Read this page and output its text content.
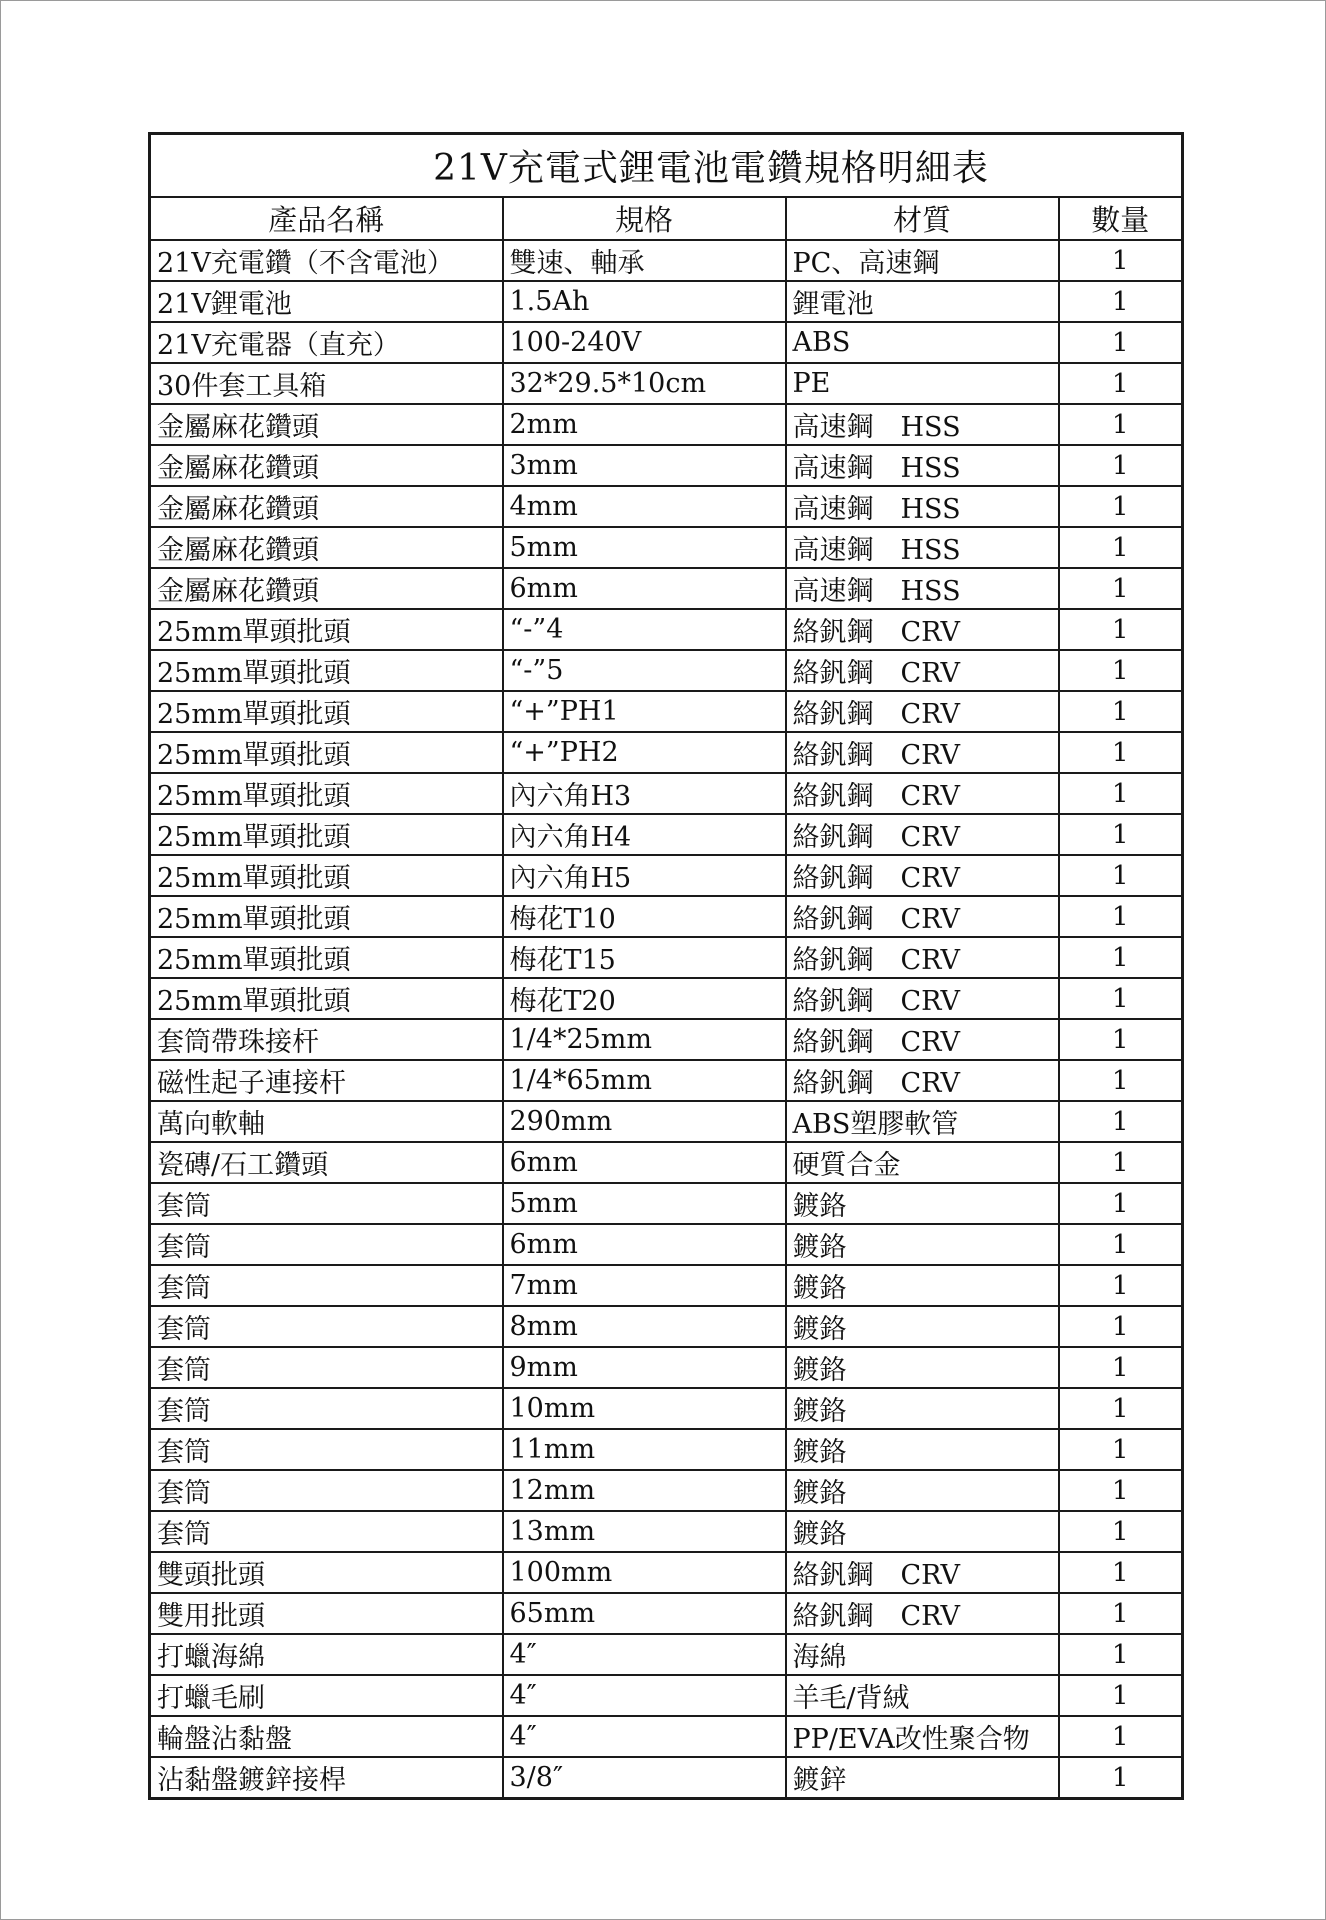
21V充電式鋰電池電鑽規格明細表			
產品名稱	規格	材質	數量
21V充電鑽（不含電池）	雙速、軸承	PC、高速鋼	1
21V鋰電池	1.5Ah	鋰電池	1
21V充電器（直充）	100-240V	ABS	1
30件套工具箱	32*29.5*10cm	PE	1
金屬麻花鑽頭	2mm	高速鋼　HSS	1
金屬麻花鑽頭	3mm	高速鋼　HSS	1
金屬麻花鑽頭	4mm	高速鋼　HSS	1
金屬麻花鑽頭	5mm	高速鋼　HSS	1
金屬麻花鑽頭	6mm	高速鋼　HSS	1
25mm單頭批頭	“-”4	絡釩鋼　CRV	1
25mm單頭批頭	“-”5	絡釩鋼　CRV	1
25mm單頭批頭	“+”PH1	絡釩鋼　CRV	1
25mm單頭批頭	“+”PH2	絡釩鋼　CRV	1
25mm單頭批頭	內六角H3	絡釩鋼　CRV	1
25mm單頭批頭	內六角H4	絡釩鋼　CRV	1
25mm單頭批頭	內六角H5	絡釩鋼　CRV	1
25mm單頭批頭	梅花T10	絡釩鋼　CRV	1
25mm單頭批頭	梅花T15	絡釩鋼　CRV	1
25mm單頭批頭	梅花T20	絡釩鋼　CRV	1
套筒帶珠接杆	1/4*25mm	絡釩鋼　CRV	1
磁性起子連接杆	1/4*65mm	絡釩鋼　CRV	1
萬向軟軸	290mm	ABS塑膠軟管	1
瓷磚/石工鑽頭	6mm	硬質合金	1
套筒	5mm	鍍鉻	1
套筒	6mm	鍍鉻	1
套筒	7mm	鍍鉻	1
套筒	8mm	鍍鉻	1
套筒	9mm	鍍鉻	1
套筒	10mm	鍍鉻	1
套筒	11mm	鍍鉻	1
套筒	12mm	鍍鉻	1
套筒	13mm	鍍鉻	1
雙頭批頭	100mm	絡釩鋼　CRV	1
雙用批頭	65mm	絡釩鋼　CRV	1
打蠟海綿	4″	海綿	1
打蠟毛刷	4″	羊毛/背絨	1
輪盤沾黏盤	4″	PP/EVA改性聚合物	1
沾黏盤鍍鋅接桿	3/8″	鍍鋅	1
